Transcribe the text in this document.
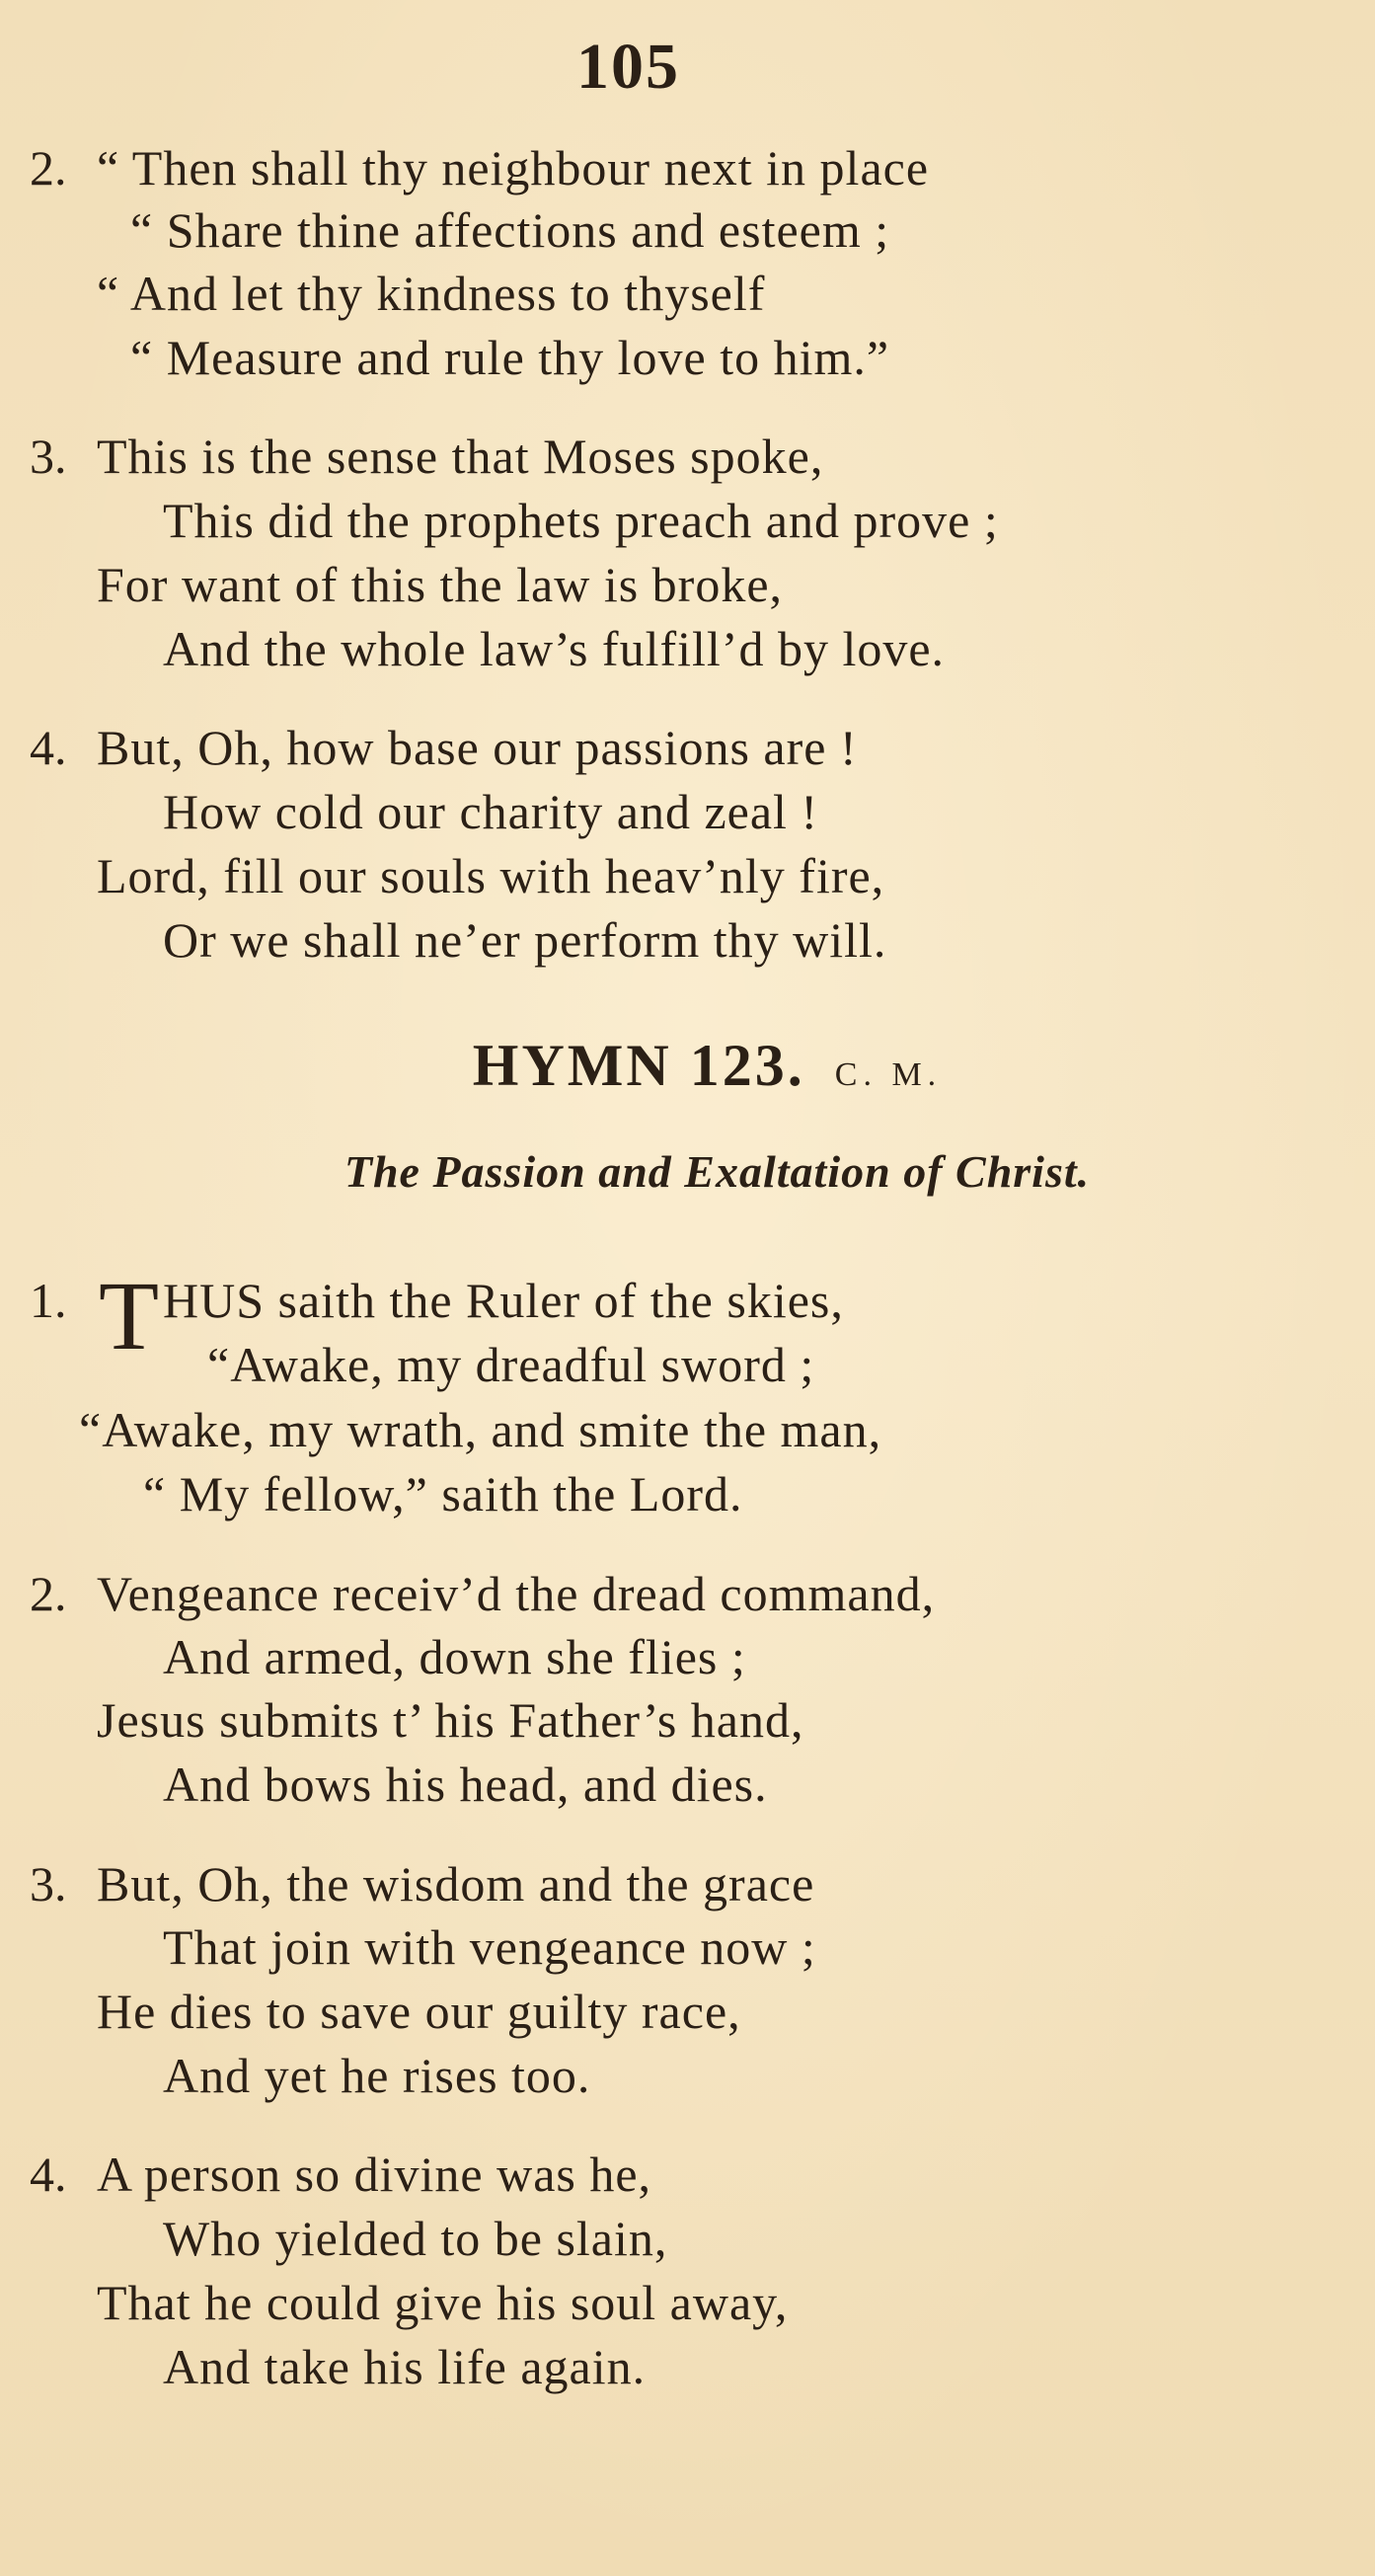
105
2. “ Then shall thy neighbour next in place
“ Share thine affections and esteem ;
“ And let thy kindness to thyself
“ Measure and rule thy love to him.”
3. This is the sense that Moses spoke,
This did the prophets preach and prove ;
For want of this the law is broke,
And the whole law’s fulfill’d by love.
4. But, Oh, how base our passions are !
How cold our charity and zeal !
Lord, fill our souls with heav’nly fire,
Or we shall ne’er perform thy will.
HYMN 123. C. M.
The Passion and Exaltation of Christ.
1. T HUS saith the Ruler of the skies,
“Awake, my dreadful sword ;
“Awake, my wrath, and smite the man,
“ My fellow,” saith the Lord.
2. Vengeance receiv’d the dread command,
And armed, down she flies ;
Jesus submits t’ his Father’s hand,
And bows his head, and dies.
3. But, Oh, the wisdom and the grace
That join with vengeance now ;
He dies to save our guilty race,
And yet he rises too.
4. A person so divine was he,
Who yielded to be slain,
That he could give his soul away,
And take his life again.
